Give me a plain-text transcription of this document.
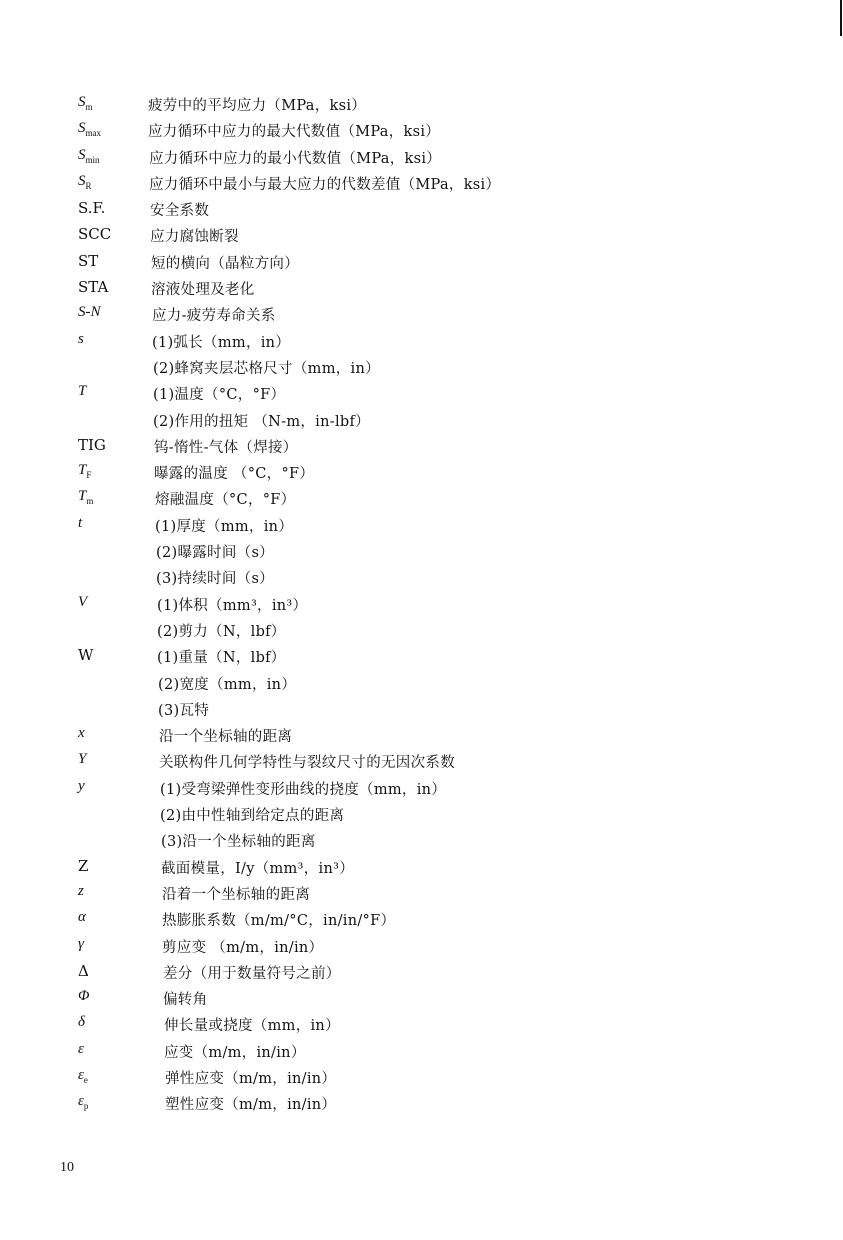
$S_m$	疲劳中的平均应力（MPa，ksi）
$S_{max}$	应力循环中应力的最大代数值（MPa，ksi）
$S_{min}$	应力循环中应力的最小代数值（MPa，ksi）
$S_R$	应力循环中最小与最大应力的代数差值（MPa，ksi）
S.F.	安全系数
SCC	应力腐蚀断裂
ST	短的横向（晶粒方向）
STA	溶液处理及老化
S-N	应力-疲劳寿命关系
s	(1)弧长（mm，in）
(2)蜂窝夹层芯格尺寸（mm，in）
T	(1)温度（°C，°F）
(2)作用的扭矩 （N-m，in-lbf）
TIG	钨-惰性-气体（焊接）
$T_F$	曝露的温度 （°C，°F）
$T_m$	熔融温度（°C，°F）
t	(1)厚度（mm，in）
(2)曝露时间（s）
(3)持续时间（s）
V	(1)体积（mm³，in³）
(2)剪力（N，lbf）
W	(1)重量（N，lbf）
(2)宽度（mm，in）
(3)瓦特
x	沿一个坐标轴的距离
Y	关联构件几何学特性与裂纹尺寸的无因次系数
y	(1)受弯梁弹性变形曲线的挠度（mm，in）
(2)由中性轴到给定点的距离
(3)沿一个坐标轴的距离
Z	截面模量，I/y（mm³，in³）
z	沿着一个坐标轴的距离
α	热膨胀系数（m/m/°C，in/in/°F）
γ	剪应变 （m/m，in/in）
Δ	差分（用于数量符号之前）
Φ	偏转角
δ	伸长量或挠度（mm，in）
ε	应变（m/m，in/in）
$\varepsilon_e$	弹性应变（m/m，in/in）
$\varepsilon_p$	塑性应变（m/m，in/in）
10
